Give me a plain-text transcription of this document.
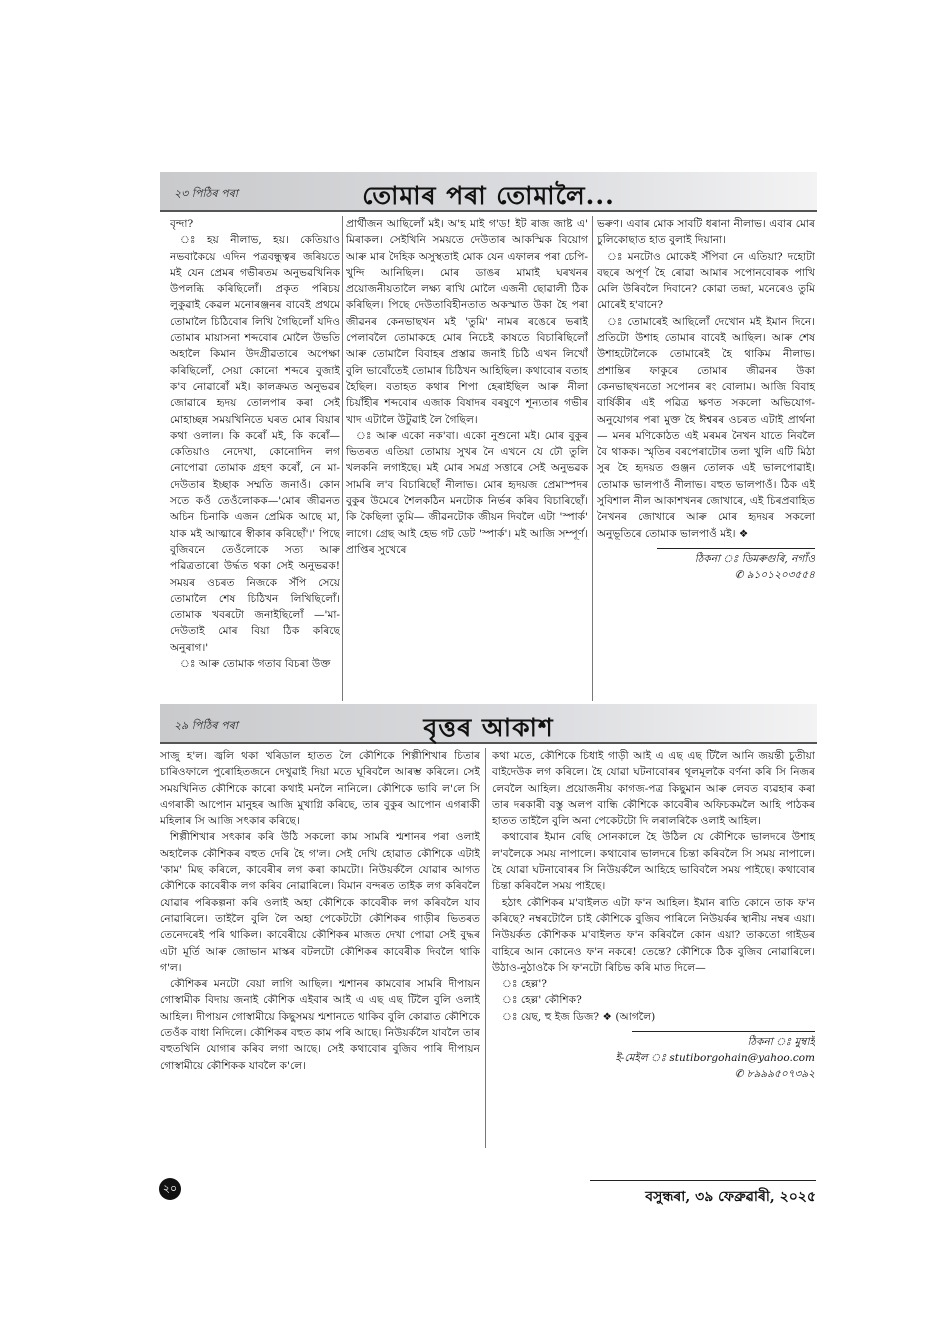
২৩ পিঠিৰ পৰা	তোমাৰ পৰা তোমালৈ...

বৃন্দা?

ঃ হয় নীলাভ, হয়। কেতিয়াও নভবাকৈয়ে এদিন পত্ৰবন্ধুত্বৰ জৰিয়তে মই যেন প্ৰেমৰ গভীৰতম অনুভৱখিনিক উপলব্ধি কৰিছিলোঁ। প্ৰকৃত পৰিচয় লুকুৱাই কেৱল মনোৰঞ্জনৰ বাবেই প্ৰথমে তোমালৈ চিঠিবোৰ লিখি গৈছিলোঁ যদিও তোমাৰ মায়াসনা শব্দবোৰ মোলৈ উভতি অহালৈ কিমান উদগ্ৰীৱতাৰে অপেক্ষা কৰিছিলোঁ, সেয়া কোনো শব্দৰে বুজাই ক'ব নোৱাৰোঁ মই। কালক্ৰমত অনুভৱৰ জোৱাৰে হৃদয় তোলপাৰ কৰা সেই মোহাচ্ছন্ন সময়খিনিতে ঘৰত মোৰ বিয়াৰ কথা ওলাল। কি কৰোঁ মই, কি কৰোঁ— কেতিয়াও নেদেখা, কোনোদিন লগ নোপোৱা তোমাক গ্ৰহণ কৰোঁ, নে মা-দেউতাৰ ইচ্ছাক সম্মতি জনাওঁ। কোন সতে কওঁ তেওঁলোকক—'মোৰ জীৱনত অচিন চিনাকি এজন প্ৰেমিক আছে মা, যাক মই আত্মাৰে স্বীকাৰ কৰিছোঁ'।' পিছে বুজিবনে তেওঁলোকে সত্য আৰু পৱিত্ৰতাৰো উৰ্দ্ধত থকা সেই অনুভৱক! সময়ৰ ওচৰত নিজকে সঁপি সেয়ে তোমালৈ শেষ চিঠিখন লিখিছিলোঁ। তোমাক খবৰটো জনাইছিলোঁ —'মা-দেউতাই মোৰ বিয়া ঠিক কৰিছে অনুৰাগ।'

ঃ আৰু তোমাক গতাব বিচৰা উক্ত

প্ৰাৰ্থীজন আছিলোঁ মই। অ'হ মাই গ'ড! ইট ৰাজ জাষ্ট এ' মিৰাকল। সেইখিনি সময়তে দেউতাৰ আকস্মিক বিয়োগ আৰু মাৰ দৈহিক অসুস্থতাই মোক যেন এফালৰ পৰা চেপি-খুন্দি আনিছিল। মোৰ ডাঙৰ মামাই ঘৰখনৰ প্ৰয়োজনীয়তালৈ লক্ষ্য ৰাখি মোলৈ এজনী ছোৱালী ঠিক কৰিছিল। পিছে দেউতাবিহীনতাত অকস্মাত উকা হৈ পৰা জীৱনৰ কেনভাছখন মই 'তুমি' নামৰ ৰঙেৰে ভৰাই পেলাবলৈ তোমাকহে মোৰ নিচেই কাষতে বিচাৰিছিলোঁ আৰু তোমালৈ বিবাহৰ প্ৰস্তাৱ জনাই চিঠি এখন লিখোঁ বুলি ভাবোঁতেই তোমাৰ চিঠিখন আহিছিল। কথাবোৰ বতাহ হৈছিল। বতাহত কথাৰ শিপা হেৰাইছিল আৰু নীলা চিয়াঁহীৰ শব্দবোৰ এজাক বিষাদৰ বৰষুণে শূন্যতাৰ গভীৰ খাদ এটালৈ উটুৱাই লৈ গৈছিল।

ঃ আৰু একো নক'বা। একো নুশুনো মই। মোৰ বুকুৰ ভিতৰত এতিয়া তোমায় সুখৰ নৈ এখনে যে ঢৌ তুলি খলকনি লগাইছে। মই মোৰ সমগ্ৰ সত্তাৰে সেই অনুভৱক সামৰি ল'ব বিচাৰিছোঁ নীলাভ। মোৰ হৃদয়জ প্ৰেমাস্পদৰ বুকুৰ উমেৰে শৈলকঠিন মনটোক নিৰ্ভৰ কৰিব বিচাৰিছোঁ। কি কৈছিলা তুমি— জীৱনটোক জীয়ন দিবলৈ এটা 'স্পাৰ্ক' লাগে। গ্ৰেছ আই হেভ গট ডেট 'স্পাৰ্ক'। মই আজি সম্পূৰ্ণ। প্ৰাপ্তিৰ সুখেৰে

ভৰুণ। এবাৰ মোক সাবটি ধৰানা নীলাভ। এবাৰ মোৰ চুলিকোছাত হাত বুলাই দিয়ানা।

ঃ মনটোও মোকেই সঁপিবা নে এতিয়া? দহোটা বছৰে অপূৰ্ণ হৈ ৰোৱা আমাৰ সপোনবোৰক পাখি মেলি উৰিবলৈ দিবানে? কোৱা তন্দ্ৰা, মনেৰেও তুমি মোৰেই হ'বানে?

ঃ তোমাৰেই আছিলোঁ দেখোন মই ইমান দিনে। প্ৰতিটো উশাহ তোমাৰ বাবেই আছিল। আৰু শেষ উশাহটোলৈকে তোমাৰেই হৈ থাকিম নীলাভ। প্ৰশান্তিৰ ফাকুৰে তোমাৰ জীৱনৰ উকা কেনভাছখনতো সপোনৰ ৰং বোলাম। আজি বিবাহ বাৰ্ষিকীৰ এই পৱিত্ৰ ক্ষণত সকলো অভিযোগ-অনুযোগৰ পৰা মুক্ত হৈ ঈশ্বৰৰ ওচৰত এটাই প্ৰাৰ্থনা— মনৰ মণিকোঠত এই মৰমৰ নৈখন যাতে নিবলৈ বৈ থাকক। স্মৃতিৰ বৰপেৰাটোৰ তলা খুলি এটি মিঠা সুৰ হৈ হৃদয়ত গুঞ্জন তোলক এই ভালপোৱাই। তোমাক ভালপাওঁ নীলাভ। বহুত ভালপাওঁ। ঠিক এই সুবিশাল নীল আকাশখনৰ জোখাৰে, এই চিৰপ্ৰবাহিত নৈখনৰ জোখাৰে আৰু মোৰ হৃদয়ৰ সকলো অনুভূতিৰে তোমাক ভালপাওঁ মই। ❖

ঠিকনা ঃ ডিমৰুগুৰি, নগাঁও
✆ ৯১০১২০৩৫৫৪
২৯ পিঠিৰ পৰা	বৃত্তৰ আকাশ

সাজু হ'ল। জ্বলি থকা খৰিডাল হাতত লৈ কৌশিকে শিল্পীশিখাৰ চিতাৰ চাৰিওফালে পুৰোহিতজনে দেখুৱাই দিয়া মতে ঘূৰিবলৈ আৰম্ভ কৰিলে। সেই সময়খিনিত কৌশিকে কাৰো কথাই মনলৈ নানিলে। কৌশিকে ভাবি ল'লে সি এগৰাকী আপোন মানুহৰ আজি মুখাগ্নি কৰিছে, তাৰ বুকুৰ আপোন এগৰাকী মহিলাৰ সি আজি সৎকাৰ কৰিছে।

শিল্পীশিখাৰ সৎকাৰ কৰি উঠি সকলো কাম সামৰি শ্মশানৰ পৰা ওলাই অহালৈক কৌশিকৰ বহুত দেৰি হৈ গ'ল। সেই দেখি হোৱাত কৌশিকে এটাই 'কাম' মিছ কৰিলে, কাবেৰীৰ লগ কৰা কামটো। নিউয়ৰ্কলৈ যোৱাৰ আগত কৌশিকে কাবেৰীক লগ কৰিব নোৱাৰিলে। বিমান বন্দৰত তাইক লগ কৰিবলৈ যোৱাৰ পৰিকল্পনা কৰি ওলাই অহা কৌশিকে কাবেৰীক লগ কৰিবলৈ যাব নোৱাৰিলে। তাইলৈ বুলি লৈ অহা পেকেটটো কৌশিকৰ গাড়ীৰ ভিতৰত তেনেদৰেই পৰি থাকিল। কাবেৰীয়ে কৌশিকৰ মাজত দেখা পোৱা সেই বুদ্ধৰ এটা মূৰ্তি আৰু জোভান মাস্কৰ বটলটো কৌশিকৰ কাবেৰীক দিবলৈ থাকি গ'ল।

কৌশিকৰ মনটো বেয়া লাগি আছিল। শ্মশানৰ কামবোৰ সামৰি দীপায়ন গোস্বামীক বিদায় জনাই কৌশিক এইবাৰ আই এ এছ এছ টিলৈ বুলি ওলাই আহিল। দীপায়ন গোস্বামীয়ে কিছুসময় শ্মশানতে থাকিব বুলি কোৱাত কৌশিকে তেওঁক বাধা নিদিলে। কৌশিকৰ বহুত কাম পৰি আছে। নিউয়ৰ্কলৈ যাবলৈ তাৰ বহুতখিনি যোগাৰ কৰিব লগা আছে। সেই কথাবোৰ বুজিব পাৰি দীপায়ন গোস্বামীয়ে কৌশিকক যাবলৈ ক'লে।

কথা মতে, কৌশিকে চিধাই গাড়ী আই এ এছ এছ টিলৈ আনি জয়ন্তী চুতীয়া বাইদেউক লগ কৰিলে। হৈ যোৱা ঘটনাবোৰৰ থূলমূলকৈ বৰ্ণনা কৰি সি নিজৰ লেবলৈ আহিল। প্ৰয়োজনীয় কাগজ-পত্ৰ কিছুমান আৰু লেবত ব্যৱহাৰ কৰা তাৰ দৰকাৰী বস্তু অলপ বান্ধি কৌশিকে কাবেৰীৰ অফিচকমলৈ আহি পাঠকৰ হাতত তাইলৈ বুলি অনা পেকেটটো দি লৰালৰিকৈ ওলাই আহিল।

কথাবোৰ ইমান বেছি সোনকালে হৈ উঠিল যে কৌশিকে ভালদৰে উশাহ ল'বলৈকে সময় নাপালে। কথাবোৰ ভালদৰে চিন্তা কৰিবলৈ সি সময় নাপালে। হৈ যোৱা ঘটনাবোৰৰ সি নিউয়ৰ্কলৈ আহিহে ভাবিবলৈ সময় পাইছে। কথাবোৰ চিন্তা কৰিবলৈ সময় পাইছে।

হঠাৎ কৌশিকৰ ম'বাইলত এটা ফ'ন আহিল। ইমান ৰাতি কোনে তাক ফ'ন কৰিছে? নম্বৰটোলৈ চাই কৌশিকে বুজিব পাৰিলে নিউয়ৰ্কৰ স্থানীয় নম্বৰ এয়া। নিউয়ৰ্কত কৌশিকক ম'বাইলত ফ'ন কৰিবলৈ কোন এয়া? তাকতো গাইডৰ বাহিৰে আন কোনেও ফ'ন নকৰে! তেন্তে? কৌশিকে ঠিক বুজিব নোৱাৰিলে। উঠাও-নুঠাওকৈ সি ফ'নটো ৰিচিভ কৰি মাত দিলে—

ঃ হেল্ল'?

ঃ হেল্ল' কৌশিক?

ঃ য়েছ, হু ইজ ডিজ? ❖ (আগলৈ)

ঠিকনা ঃ মুম্বাই
ই-মেইল ঃ stutiborgohain@yahoo.com
✆ ৮৯৯৯৫০৭৩৯২
২০
বসুন্ধৰা, ৩৯ ফেব্ৰুৱাৰী, ২০২৫
